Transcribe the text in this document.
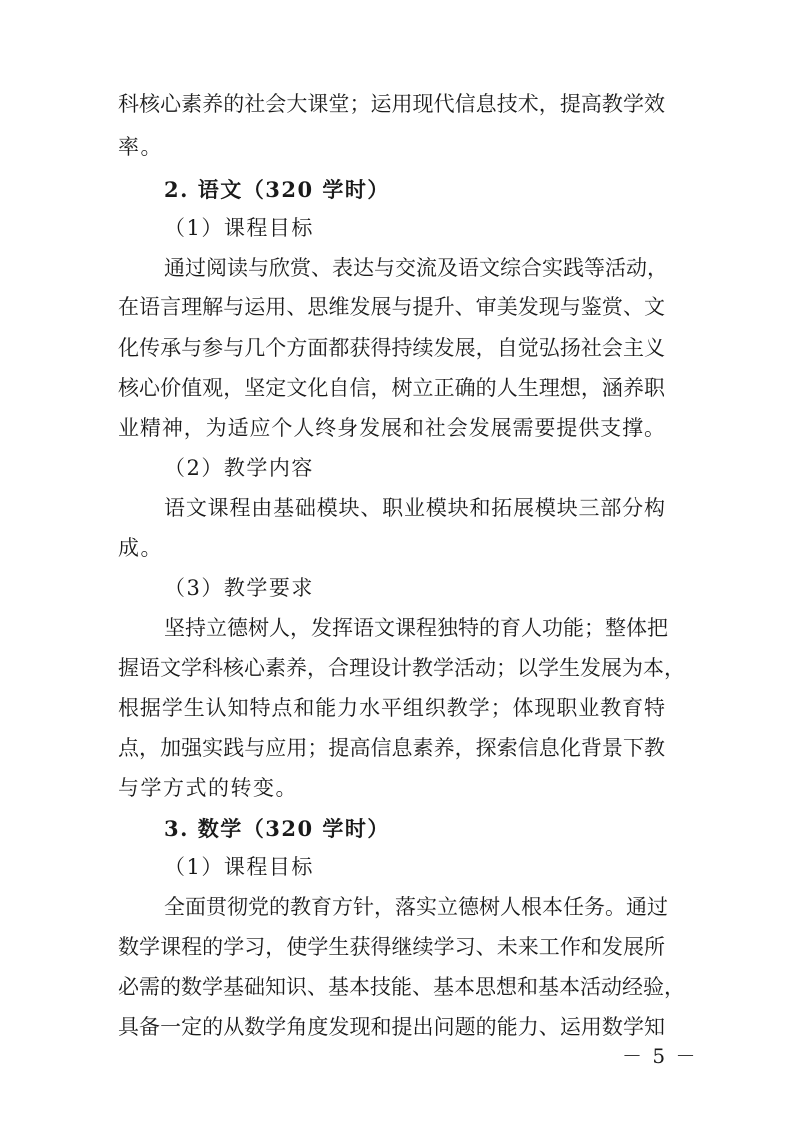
科核心素养的社会大课堂；运用现代信息技术，提高教学效
率。
2. 语文（320 学时）
（1）课程目标
通过阅读与欣赏、表达与交流及语文综合实践等活动，
在语言理解与运用、思维发展与提升、审美发现与鉴赏、文
化传承与参与几个方面都获得持续发展，自觉弘扬社会主义
核心价值观，坚定文化自信，树立正确的人生理想，涵养职
业精神，为适应个人终身发展和社会发展需要提供支撑。
（2）教学内容
语文课程由基础模块、职业模块和拓展模块三部分构
成。
（3）教学要求
坚持立德树人，发挥语文课程独特的育人功能；整体把
握语文学科核心素养，合理设计教学活动；以学生发展为本，
根据学生认知特点和能力水平组织教学；体现职业教育特
点，加强实践与应用；提高信息素养，探索信息化背景下教
与学方式的转变。
3. 数学（320 学时）
（1）课程目标
全面贯彻党的教育方针，落实立德树人根本任务。通过
数学课程的学习，使学生获得继续学习、未来工作和发展所
必需的数学基础知识、基本技能、基本思想和基本活动经验，
具备一定的从数学角度发现和提出问题的能力、运用数学知
－ 5 －
